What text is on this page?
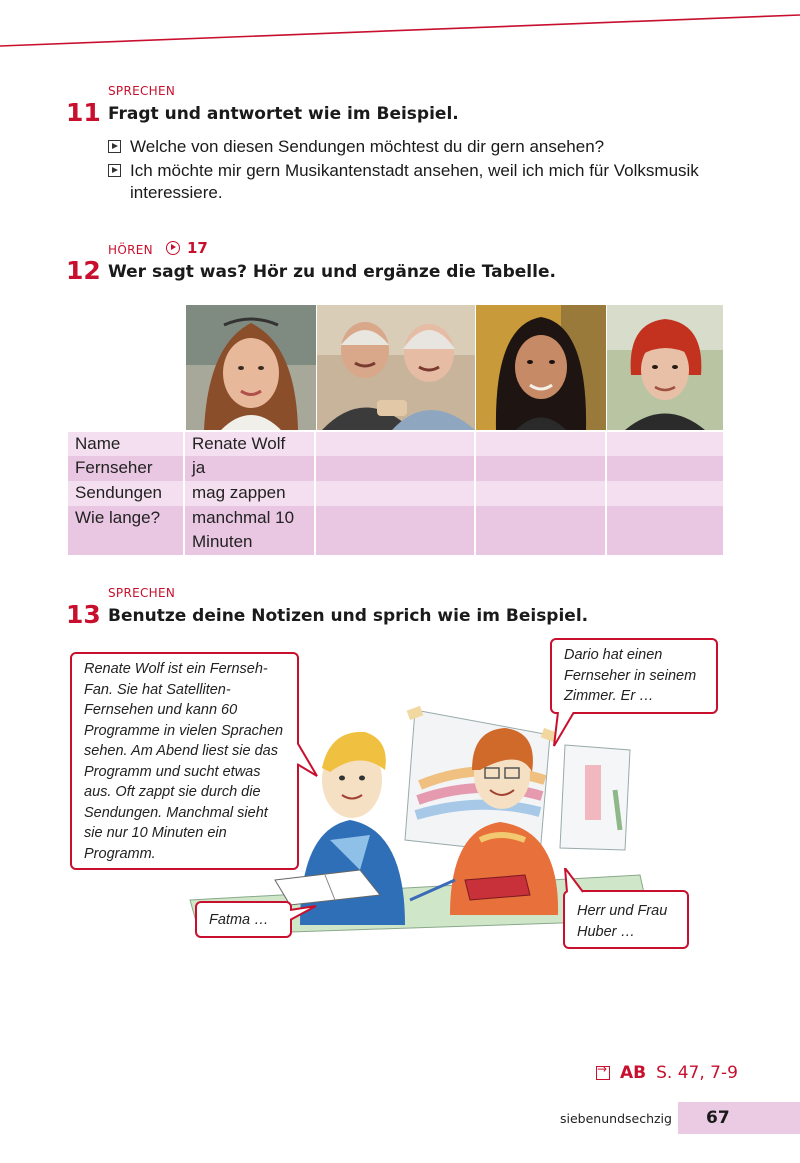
SPRECHEN
11 Fragt und antwortet wie im Beispiel.
Welche von diesen Sendungen möchtest du dir gern ansehen?
Ich möchte mir gern Musikantenstadt ansehen, weil ich mich für Volksmusik interessiere.
HÖREN 17
12 Wer sagt was? Hör zu und ergänze die Tabelle.
Name	Renate Wolf
Fernseher	ja
Sendungen	mag zappen
Wie lange?	manchmal 10 Minuten
SPRECHEN
13 Benutze deine Notizen und sprich wie im Beispiel.
Renate Wolf ist ein Fernseh-Fan. Sie hat Satelliten-Fernsehen und kann 60 Programme in vielen Sprachen sehen. Am Abend liest sie das Programm und sucht etwas aus. Oft zappt sie durch die Sendungen. Manchmal sieht sie nur 10 Minuten ein Programm.
Dario hat einen Fernseher in seinem Zimmer. Er …
Fatma …
Herr und Frau Huber …
→
AB S. 47, 7-9
siebenundsechzig 67
